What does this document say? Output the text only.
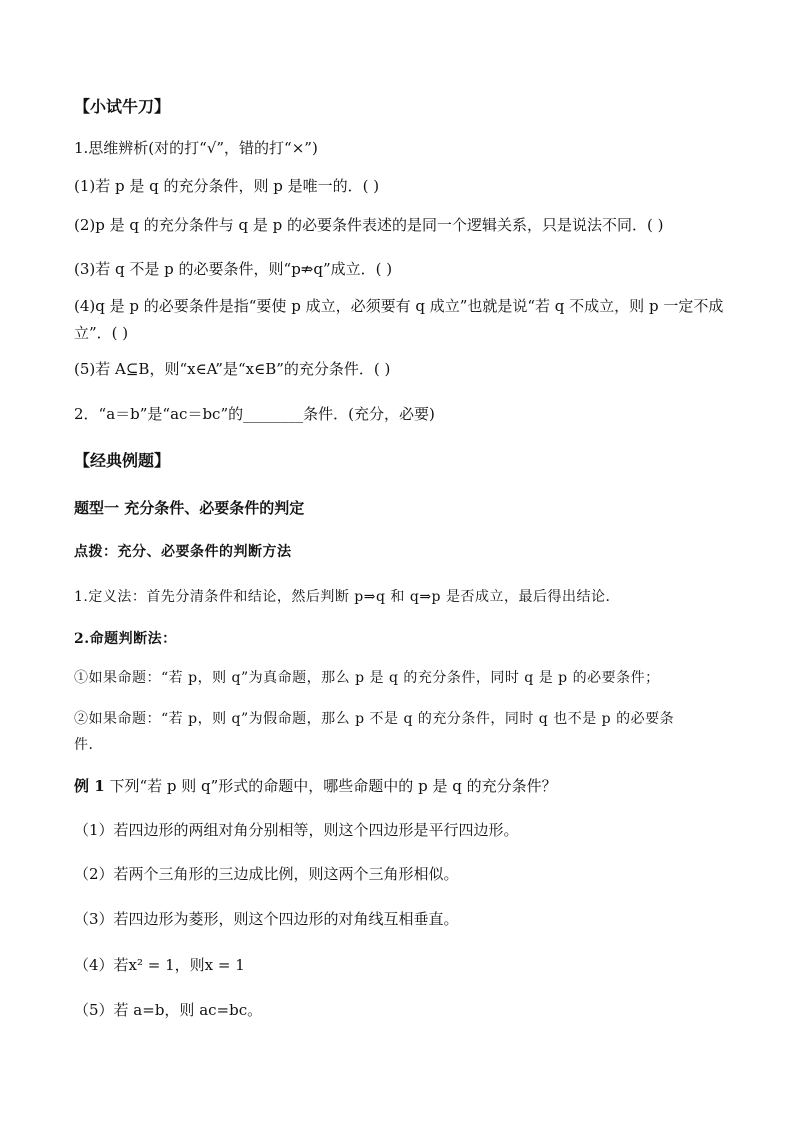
【小试牛刀】
1.思维辨析(对的打“√”，错的打“×”)
(1)若 p 是 q 的充分条件，则 p 是唯一的．( )
(2)p 是 q 的充分条件与 q 是 p 的必要条件表述的是同一个逻辑关系，只是说法不同．( )
(3)若 q 不是 p 的必要条件，则“p⇏q”成立．( )
(4)q 是 p 的必要条件是指“要使 p 成立，必须要有 q 成立”也就是说“若 q 不成立，则 p 一定不成
立”．( )
(5)若 A⊆B，则“x∈A”是“x∈B”的充分条件．( )
2．“a＝b”是“ac＝bc”的________条件．(充分，必要)
【经典例题】
题型一 充分条件、必要条件的判定
点拨：充分、必要条件的判断方法
1.定义法：首先分清条件和结论，然后判断 p⇒q 和 q⇒p 是否成立，最后得出结论．
2.命题判断法：
①如果命题：“若 p，则 q”为真命题，那么 p 是 q 的充分条件，同时 q 是 p 的必要条件；
②如果命题：“若 p，则 q”为假命题，那么 p 不是 q 的充分条件，同时 q 也不是 p 的必要条
件．
例 1 下列“若 p 则 q”形式的命题中，哪些命题中的 p 是 q 的充分条件？
（1）若四边形的两组对角分别相等，则这个四边形是平行四边形。
（2）若两个三角形的三边成比例，则这两个三角形相似。
（3）若四边形为菱形，则这个四边形的对角线互相垂直。
（4）若x² = 1，则x = 1
（5）若 a=b，则 ac=bc。
